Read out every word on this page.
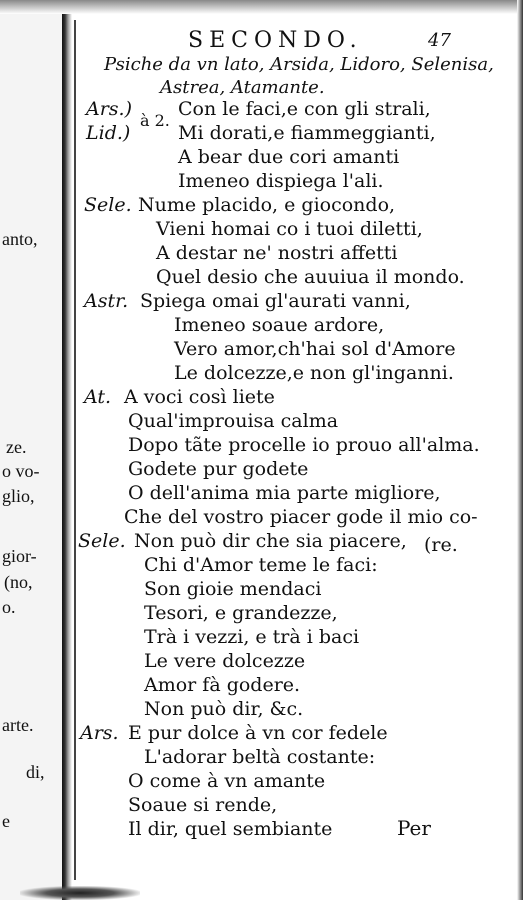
anto,
ze.
o vo-
glio,
gior-
(no,
o.
arte.
di,
e
SECONDO.	47
Psiche da vn lato, Arsida, Lidoro, Selenisa,
Astrea, Atamante.
Ars.) Con le faci,e con gli strali,
Lid.)
à 2.
Mi dorati,e fiammeggianti,
A bear due cori amanti
Imeneo dispiega l'ali.
Sele. Nume placido, e giocondo,
Vieni homai co i tuoi diletti,
A destar ne' nostri affetti
Quel desio che auuiua il mondo.
Astr. Spiega omai gl'aurati vanni,
Imeneo soaue ardore,
Vero amor,ch'hai sol d'Amore
Le dolcezze,e non gl'inganni.
At. A voci così liete
Qual'improuisa calma
Dopo tãte procelle io prouo all'alma.
Godete pur godete
O dell'anima mia parte migliore,
Che del vostro piacer gode il mio co-
Sele. Non può dir che sia piacere, (re.
Chi d'Amor teme le faci:
Son gioie mendaci
Tesori, e grandezze,
Trà i vezzi, e trà i baci
Le vere dolcezze
Amor fà godere.
Non può dir, &c.
Ars. E pur dolce à vn cor fedele
L'adorar beltà costante:
O come à vn amante
Soaue si rende,
Il dir, quel sembiante	Per
